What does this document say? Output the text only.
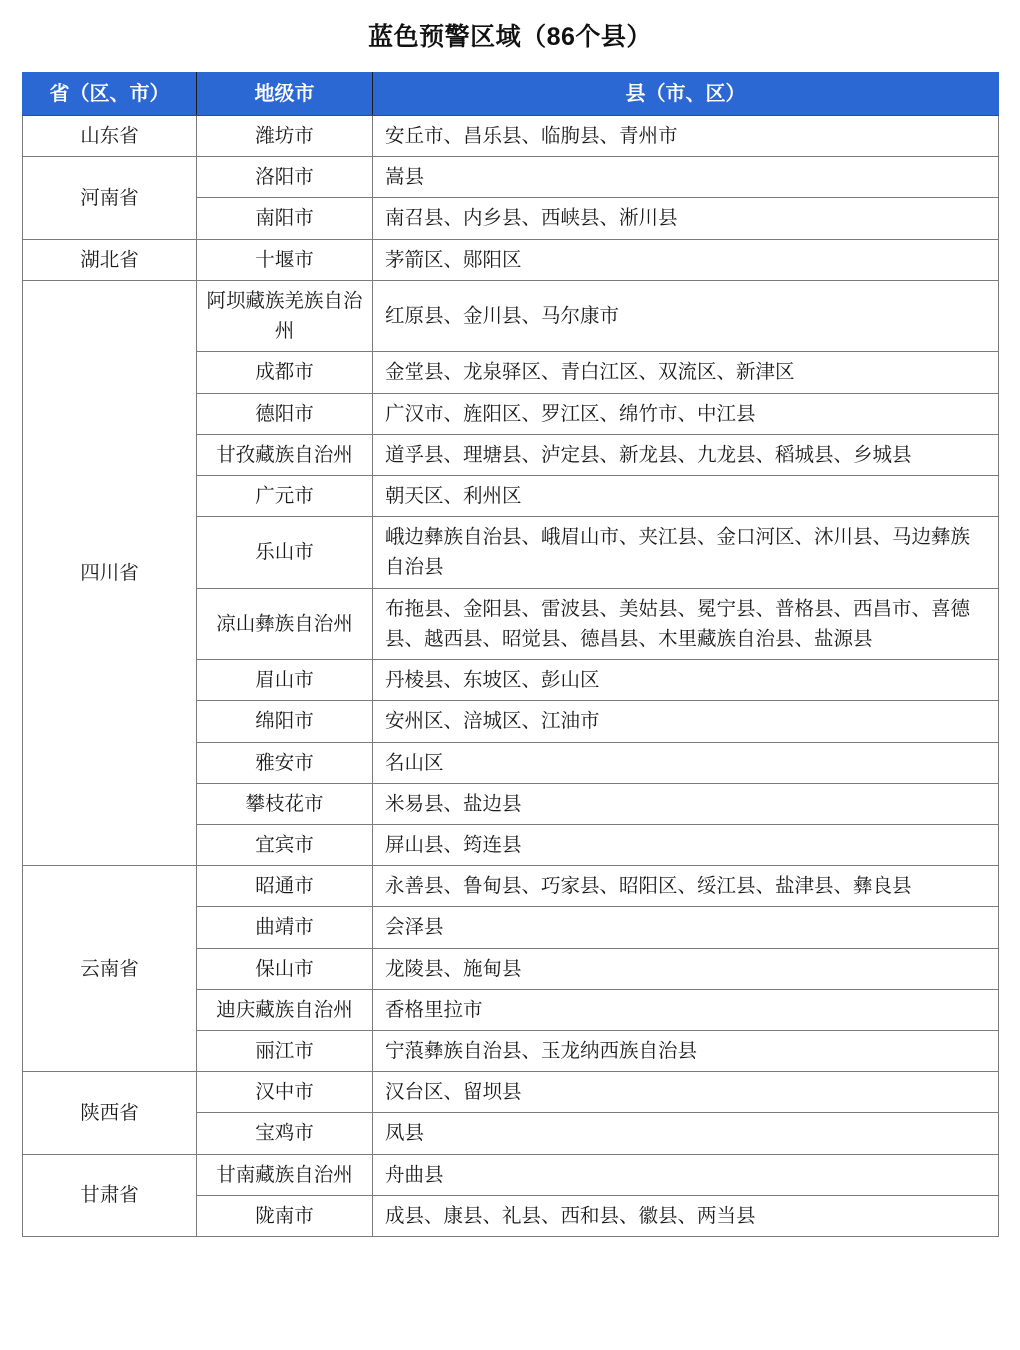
蓝色预警区域（86个县）
省（区、市）	地级市	县（市、区）
山东省	潍坊市	安丘市、昌乐县、临朐县、青州市
河南省	洛阳市	嵩县
	南阳市	南召县、内乡县、西峡县、淅川县
湖北省	十堰市	茅箭区、郧阳区
四川省	阿坝藏族羌族自治州	红原县、金川县、马尔康市
	成都市	金堂县、龙泉驿区、青白江区、双流区、新津区
	德阳市	广汉市、旌阳区、罗江区、绵竹市、中江县
	甘孜藏族自治州	道孚县、理塘县、泸定县、新龙县、九龙县、稻城县、乡城县
	广元市	朝天区、利州区
	乐山市	峨边彝族自治县、峨眉山市、夹江县、金口河区、沐川县、马边彝族自治县
	凉山彝族自治州	布拖县、金阳县、雷波县、美姑县、冕宁县、普格县、西昌市、喜德县、越西县、昭觉县、德昌县、木里藏族自治县、盐源县
	眉山市	丹棱县、东坡区、彭山区
	绵阳市	安州区、涪城区、江油市
	雅安市	名山区
	攀枝花市	米易县、盐边县
	宜宾市	屏山县、筠连县
云南省	昭通市	永善县、鲁甸县、巧家县、昭阳区、绥江县、盐津县、彝良县
	曲靖市	会泽县
	保山市	龙陵县、施甸县
	迪庆藏族自治州	香格里拉市
	丽江市	宁蒗彝族自治县、玉龙纳西族自治县
陕西省	汉中市	汉台区、留坝县
	宝鸡市	凤县
甘肃省	甘南藏族自治州	舟曲县
	陇南市	成县、康县、礼县、西和县、徽县、两当县
